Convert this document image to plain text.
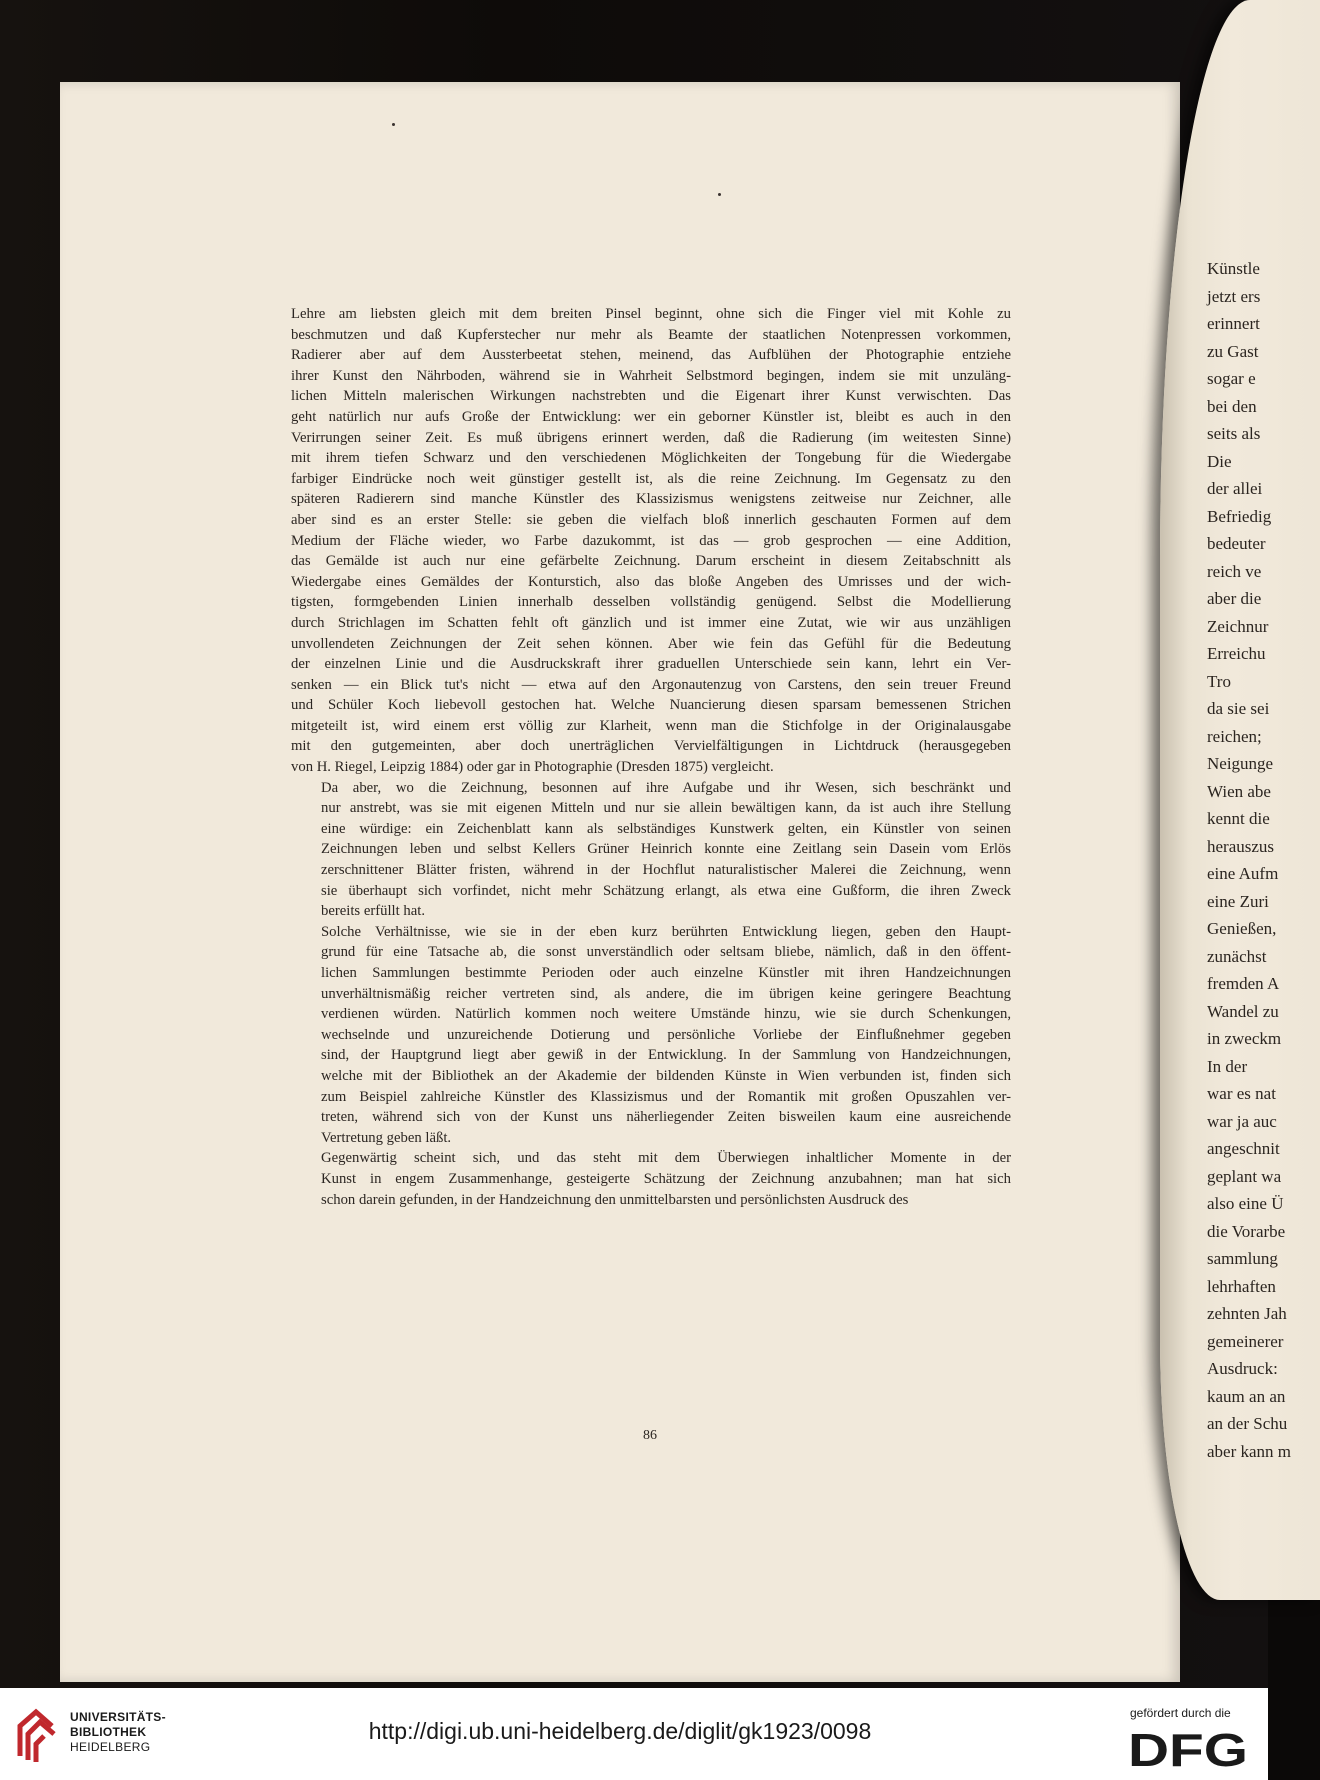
Künstle
jetzt ers
erinnert
zu Gast
sogar e
bei den
seits als
Die
der allei
Befriedig
bedeuter
reich ve
aber die
Zeichnur
Erreichu
Tro
da sie sei
reichen;
Neigunge
Wien abe
kennt die
herauszus
eine Aufm
eine Zuri
Genießen,
zunächst
fremden A
Wandel zu
in zweckm
In der
war es nat
war ja auc
angeschnit
geplant wa
also eine Ü
die Vorarbe
sammlung
lehrhaften
zehnten Jah
gemeinerer
Ausdruck:
kaum an an
an der Schu
aber kann m

Lehre am liebsten gleich mit dem breiten Pinsel beginnt, ohne sich die Finger viel mit Kohle zu
beschmutzen und daß Kupferstecher nur mehr als Beamte der staatlichen Notenpressen vorkommen,
Radierer aber auf dem Aussterbeetat stehen, meinend, das Aufblühen der Photographie entziehe
ihrer Kunst den Nährboden, während sie in Wahrheit Selbstmord begingen, indem sie mit unzuläng-
lichen Mitteln malerischen Wirkungen nachstrebten und die Eigenart ihrer Kunst verwischten. Das
geht natürlich nur aufs Große der Entwicklung: wer ein geborner Künstler ist, bleibt es auch in den
Verirrungen seiner Zeit. Es muß übrigens erinnert werden, daß die Radierung (im weitesten Sinne)
mit ihrem tiefen Schwarz und den verschiedenen Möglichkeiten der Tongebung für die Wiedergabe
farbiger Eindrücke noch weit günstiger gestellt ist, als die reine Zeichnung. Im Gegensatz zu den
späteren Radierern sind manche Künstler des Klassizismus wenigstens zeitweise nur Zeichner, alle
aber sind es an erster Stelle: sie geben die vielfach bloß innerlich geschauten Formen auf dem
Medium der Fläche wieder, wo Farbe dazukommt, ist das — grob gesprochen — eine Addition,
das Gemälde ist auch nur eine gefärbelte Zeichnung. Darum erscheint in diesem Zeitabschnitt als
Wiedergabe eines Gemäldes der Konturstich, also das bloße Angeben des Umrisses und der wich-
tigsten, formgebenden Linien innerhalb desselben vollständig genügend. Selbst die Modellierung
durch Strichlagen im Schatten fehlt oft gänzlich und ist immer eine Zutat, wie wir aus unzähligen
unvollendeten Zeichnungen der Zeit sehen können. Aber wie fein das Gefühl für die Bedeutung
der einzelnen Linie und die Ausdruckskraft ihrer graduellen Unterschiede sein kann, lehrt ein Ver-
senken — ein Blick tut's nicht — etwa auf den Argonautenzug von Carstens, den sein treuer Freund
und Schüler Koch liebevoll gestochen hat. Welche Nuancierung diesen sparsam bemessenen Strichen
mitgeteilt ist, wird einem erst völlig zur Klarheit, wenn man die Stichfolge in der Originalausgabe
mit den gutgemeinten, aber doch unerträglichen Vervielfältigungen in Lichtdruck (herausgegeben
von H. Riegel, Leipzig 1884) oder gar in Photographie (Dresden 1875) vergleicht.

Da aber, wo die Zeichnung, besonnen auf ihre Aufgabe und ihr Wesen, sich beschränkt und
nur anstrebt, was sie mit eigenen Mitteln und nur sie allein bewältigen kann, da ist auch ihre Stellung
eine würdige: ein Zeichenblatt kann als selbständiges Kunstwerk gelten, ein Künstler von seinen
Zeichnungen leben und selbst Kellers Grüner Heinrich konnte eine Zeitlang sein Dasein vom Erlös
zerschnittener Blätter fristen, während in der Hochflut naturalistischer Malerei die Zeichnung, wenn
sie überhaupt sich vorfindet, nicht mehr Schätzung erlangt, als etwa eine Gußform, die ihren Zweck
bereits erfüllt hat.

Solche Verhältnisse, wie sie in der eben kurz berührten Entwicklung liegen, geben den Haupt-
grund für eine Tatsache ab, die sonst unverständlich oder seltsam bliebe, nämlich, daß in den öffent-
lichen Sammlungen bestimmte Perioden oder auch einzelne Künstler mit ihren Handzeichnungen
unverhältnismäßig reicher vertreten sind, als andere, die im übrigen keine geringere Beachtung
verdienen würden. Natürlich kommen noch weitere Umstände hinzu, wie sie durch Schenkungen,
wechselnde und unzureichende Dotierung und persönliche Vorliebe der Einflußnehmer gegeben
sind, der Hauptgrund liegt aber gewiß in der Entwicklung. In der Sammlung von Handzeichnungen,
welche mit der Bibliothek an der Akademie der bildenden Künste in Wien verbunden ist, finden sich
zum Beispiel zahlreiche Künstler des Klassizismus und der Romantik mit großen Opuszahlen ver-
treten, während sich von der Kunst uns näherliegender Zeiten bisweilen kaum eine ausreichende
Vertretung geben läßt.

Gegenwärtig scheint sich, und das steht mit dem Überwiegen inhaltlicher Momente in der
Kunst in engem Zusammenhange, gesteigerte Schätzung der Zeichnung anzubahnen; man hat sich
schon darein gefunden, in der Handzeichnung den unmittelbarsten und persönlichsten Ausdruck des

86
UNIVERSITÄTS-
BIBLIOTHEK
HEIDELBERG
http://digi.ub.uni-heidelberg.de/diglit/gk1923/0098
gefördert durch die
DFG
